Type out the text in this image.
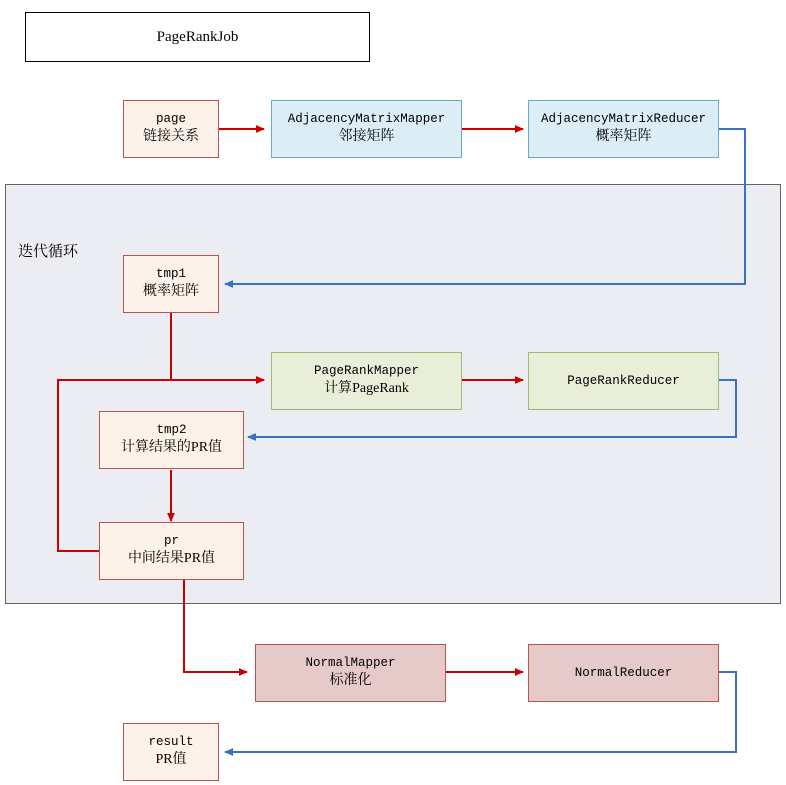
迭代循环
PageRankJob
page
链接关系
AdjacencyMatrixMapper
邻接矩阵
AdjacencyMatrixReducer
概率矩阵
tmp1
概率矩阵
PageRankMapper
计算PageRank
PageRankReducer
tmp2
计算结果的PR值
pr
中间结果PR值
NormalMapper
标准化
NormalReducer
result
PR值
